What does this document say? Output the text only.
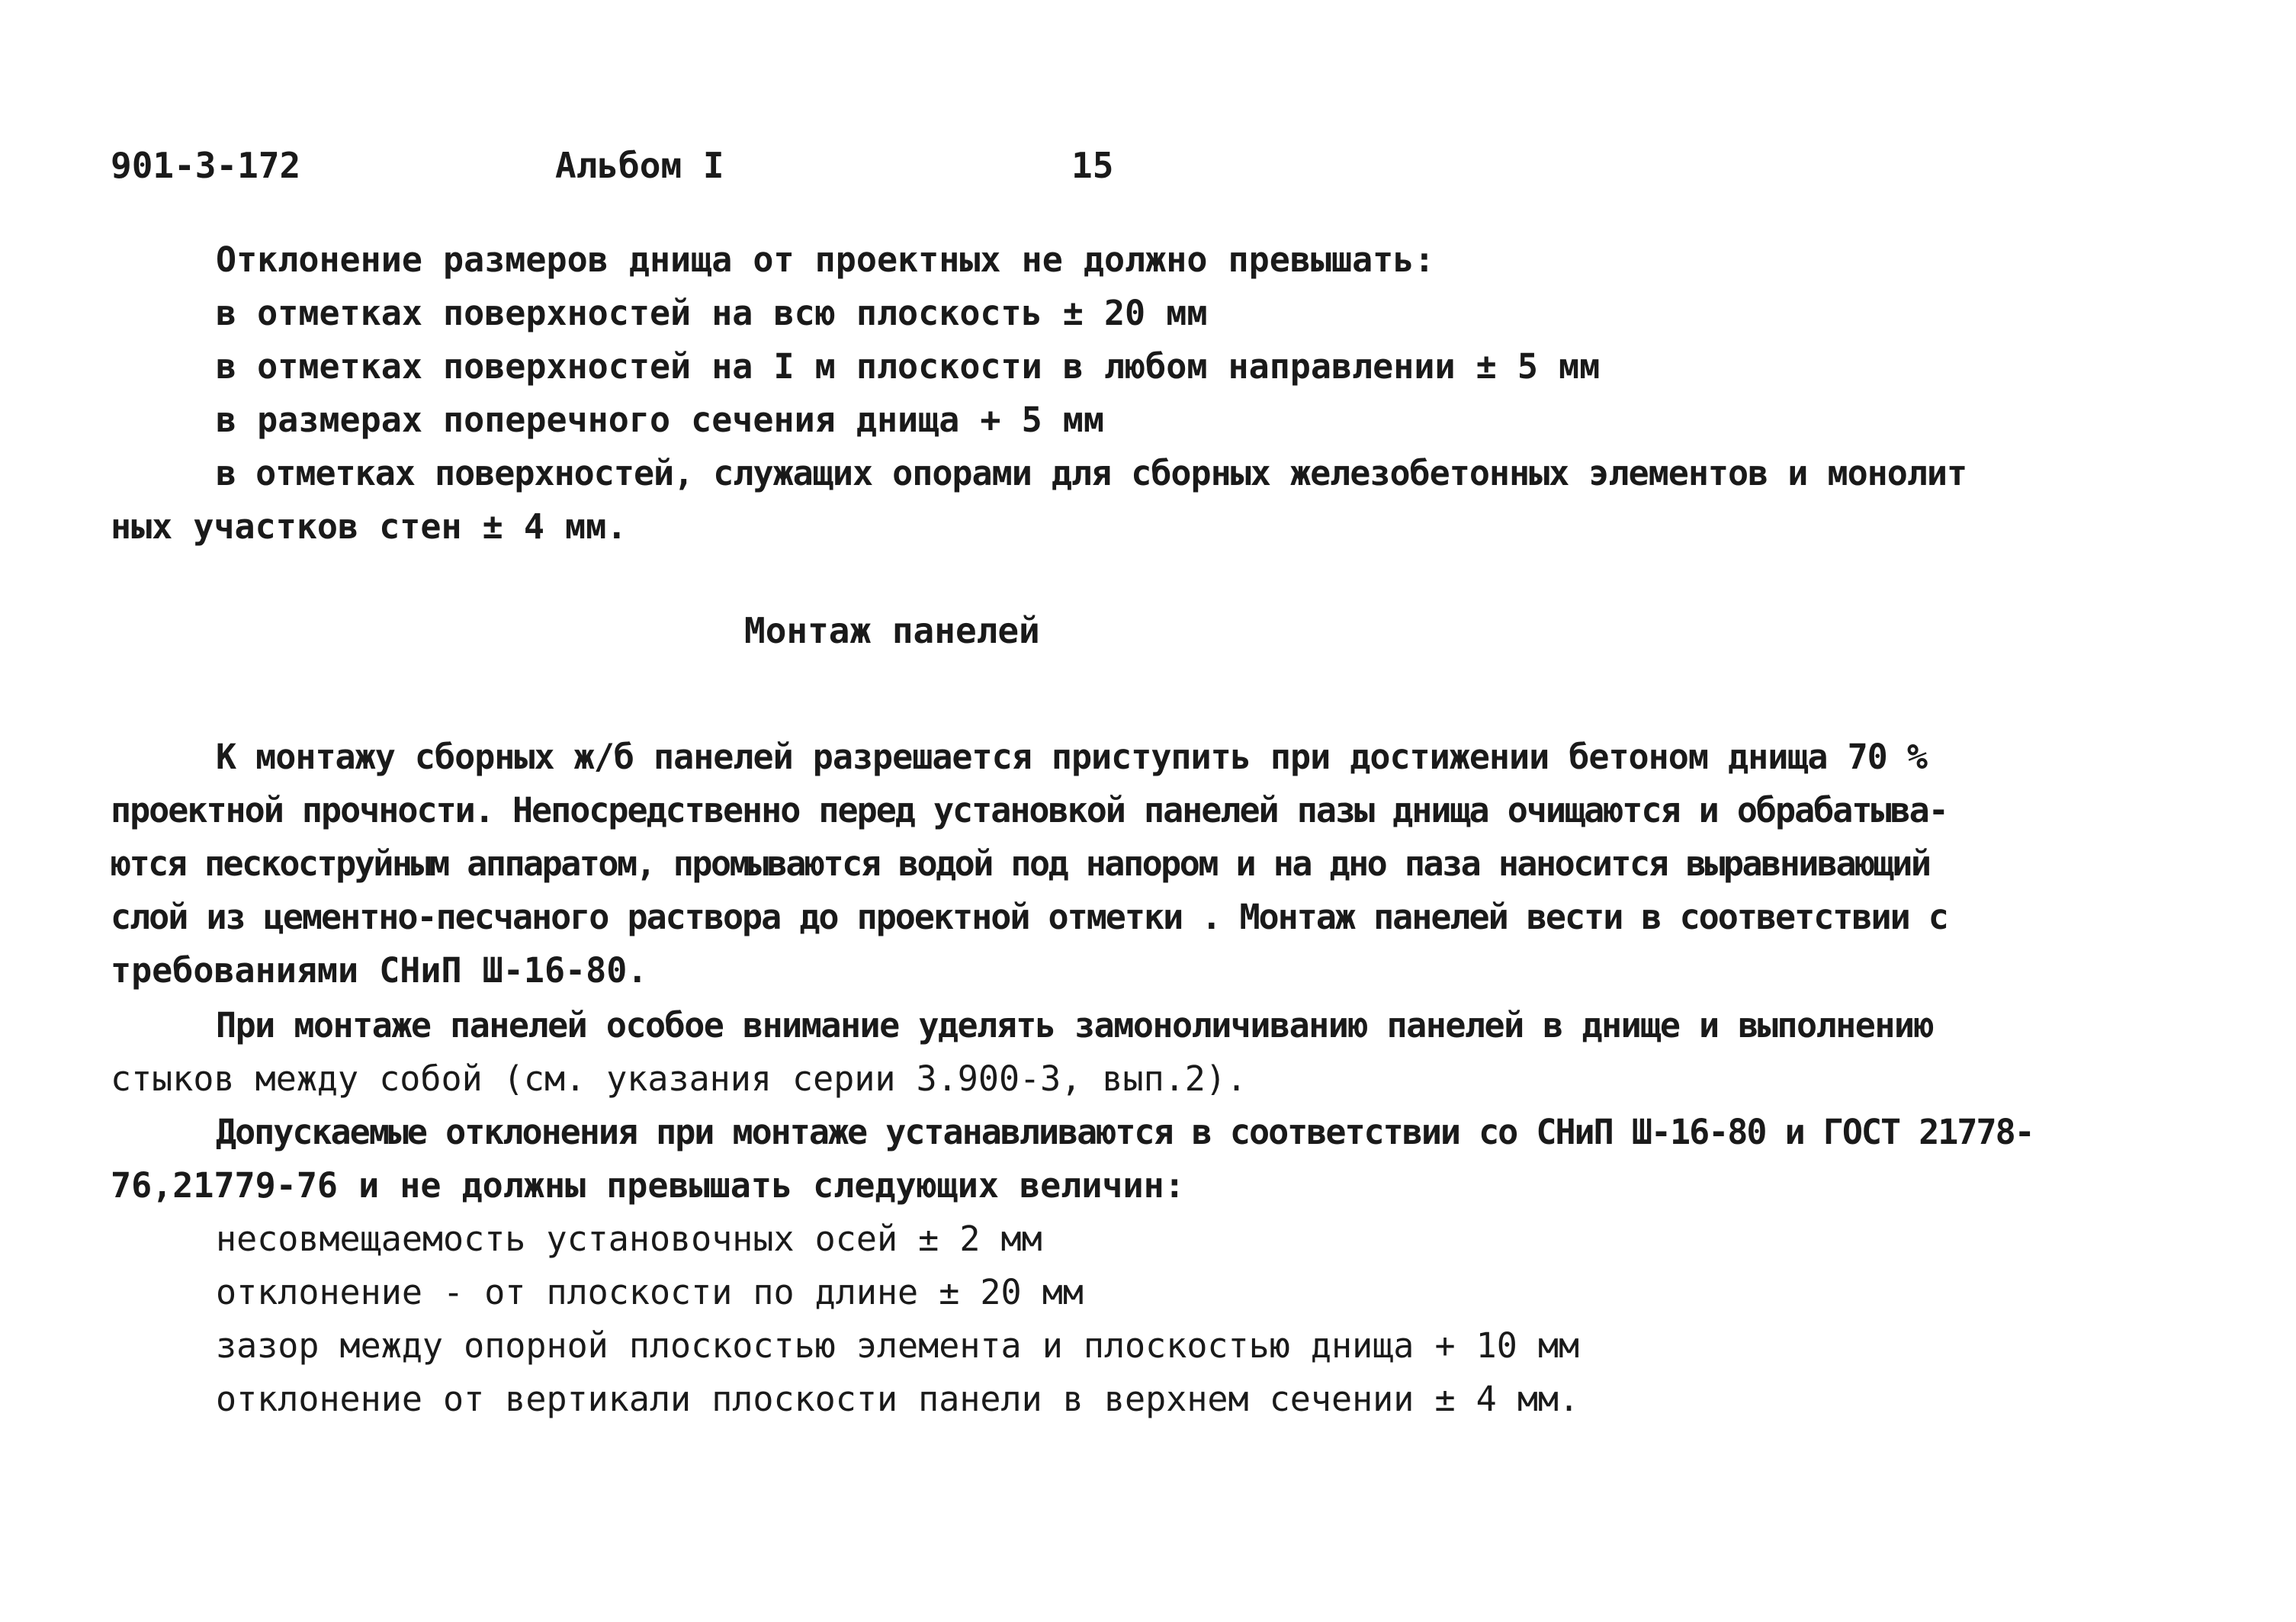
901-3-172	Альбом I	15
Отклонение размеров днища от проектных не должно превышать:
в отметках поверхностей на всю плоскость ± 20 мм
в отметках поверхностей на I м плоскости в любом направлении ± 5 мм
в размерах поперечного сечения днища + 5 мм
в отметках поверхностей, служащих опорами для сборных железобетонных элементов и монолит
ных участков стен ± 4 мм.
Монтаж панелей
К монтажу сборных ж/б панелей разрешается приступить при достижении бетоном днища 70 %
проектной прочности. Непосредственно перед установкой панелей пазы днища очищаются и обрабатыва-
ются пескоструйным аппаратом, промываются водой под напором и на дно паза наносится выравнивающий
слой из цементно-песчаного раствора до проектной отметки . Монтаж панелей вести в соответствии с
требованиями СНиП Ш-16-80.
При монтаже панелей особое внимание уделять замоноличиванию панелей в днище и выполнению
стыков между собой (см. указания серии 3.900-3, вып.2).
Допускаемые отклонения при монтаже устанавливаются в соответствии со СНиП Ш-16-80 и ГОСТ 21778-
76,21779-76 и не должны превышать следующих величин:
несовмещаемость установочных осей ± 2 мм
отклонение - от плоскости по длине ± 20 мм
зазор между опорной плоскостью элемента и плоскостью днища + 10 мм
отклонение от вертикали плоскости панели в верхнем сечении ± 4 мм.
